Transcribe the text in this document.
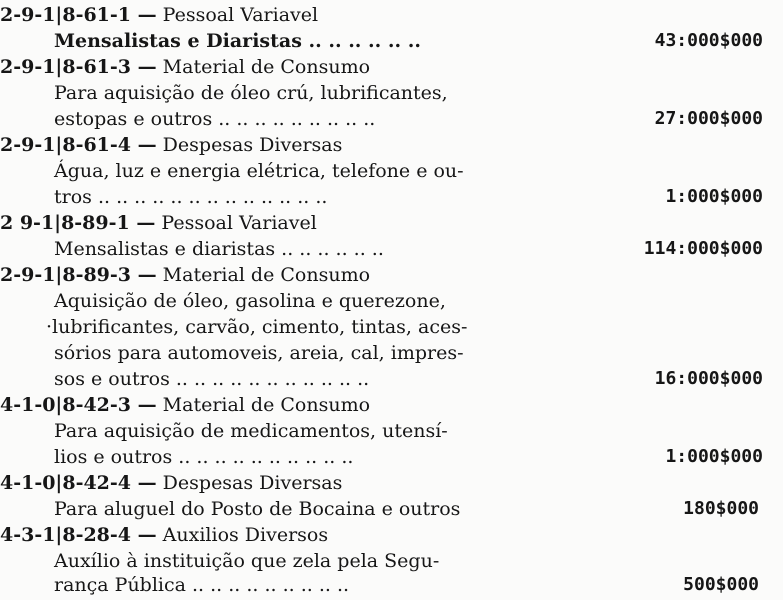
2-9-1|8-61-1 — Pessoal Variavel
Mensalistas e Diaristas .. .. .. .. .. ..	43:000$000
2-9-1|8-61-3 — Material de Consumo
Para aquisição de óleo crú, lubrificantes,
estopas e outros .. .. .. .. .. .. .. .. ..	27:000$000
2-9-1|8-61-4 — Despesas Diversas
Água, luz e energia elétrica, telefone e ou-
tros .. .. .. .. .. .. .. .. .. .. .. .. ..	1:000$000
2 9-1|8-89-1 — Pessoal Variavel
Mensalistas e diaristas .. .. .. .. .. ..	114:000$000
2-9-1|8-89-3 — Material de Consumo
Aquisição de óleo, gasolina e querezone,
·lubrificantes, carvão, cimento, tintas, aces-
sórios para automoveis, areia, cal, impres-
sos e outros .. .. .. .. .. .. .. .. .. .. ..	16:000$000
4-1-0|8-42-3 — Material de Consumo
Para aquisição de medicamentos, utensí-
lios e outros .. .. .. .. .. .. .. .. .. ..	1:000$000
4-1-0|8-42-4 — Despesas Diversas
Para aluguel do Posto de Bocaina e outros	180$000
4-3-1|8-28-4 — Auxilios Diversos
Auxílio à instituição que zela pela Segu-
rança Pública .. .. .. .. .. .. .. .. ..	500$000
